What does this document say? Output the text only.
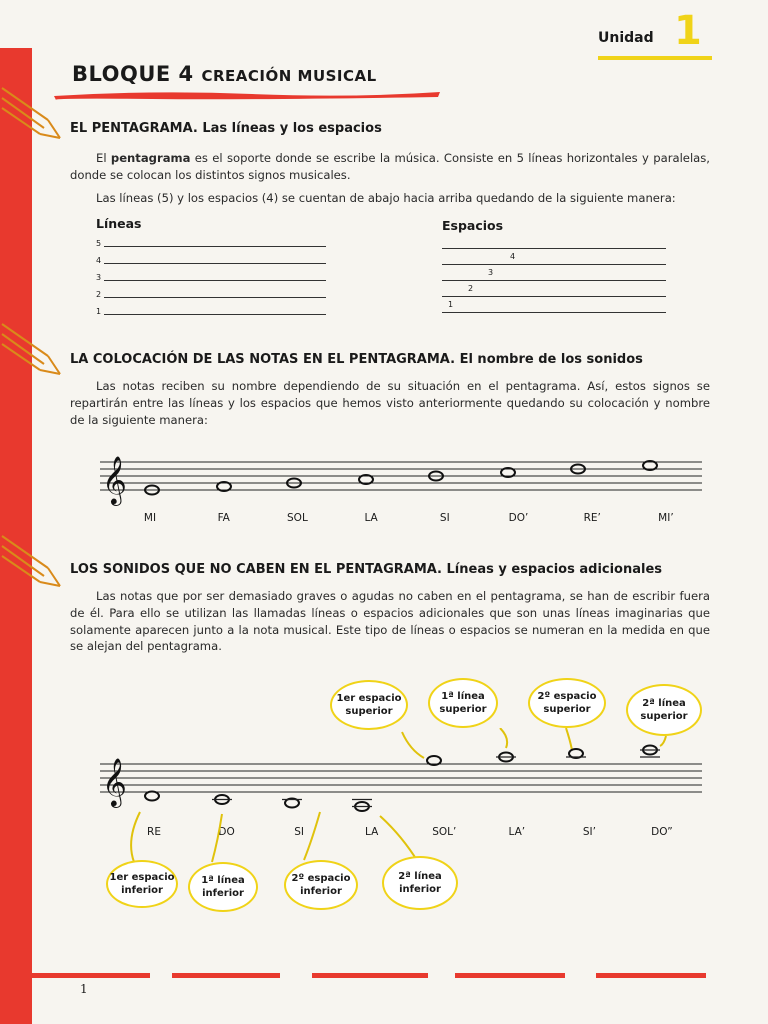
Unidad 1
BLOQUE 4 CREACIÓN MUSICAL
EL PENTAGRAMA. Las líneas y los espacios
El pentagrama es el soporte donde se escribe la música. Consiste en 5 líneas horizontales y paralelas, donde se colocan los distintos signos musicales.
Las líneas (5) y los espacios (4) se cuentan de abajo hacia arriba quedando de la siguiente manera:
Líneas	Espacios
5
4
3
2
1
4
3
2
1
LA COLOCACIÓN DE LAS NOTAS EN EL PENTAGRAMA. El nombre de los sonidos
Las notas reciben su nombre dependiendo de su situación en el pentagrama. Así, estos signos se repartirán entre las líneas y los espacios que hemos visto anteriormente quedando su colocación y nombre de la siguiente manera:
𝄞
MI	FA	SOL	LA	SI	DO’	RE’	MI’
LOS SONIDOS QUE NO CABEN EN EL PENTAGRAMA. Líneas y espacios adicionales
Las notas que por ser demasiado graves o agudas no caben en el pentagrama, se han de escribir fuera de él. Para ello se utilizan las llamadas líneas o espacios adicionales que son unas líneas imaginarias que solamente aparecen junto a la nota musical. Este tipo de líneas o espacios se numeran en la medida en que se alejan del pentagrama.
1er espacio
superior
1ª línea
superior
2º espacio
superior
2ª línea
superior
𝄞
RE	DO	SI	LA	SOL’	LA’	SI’	DO”
1er espacio
inferior
1ª línea
inferior
2º espacio
inferior
2ª línea
inferior
1
